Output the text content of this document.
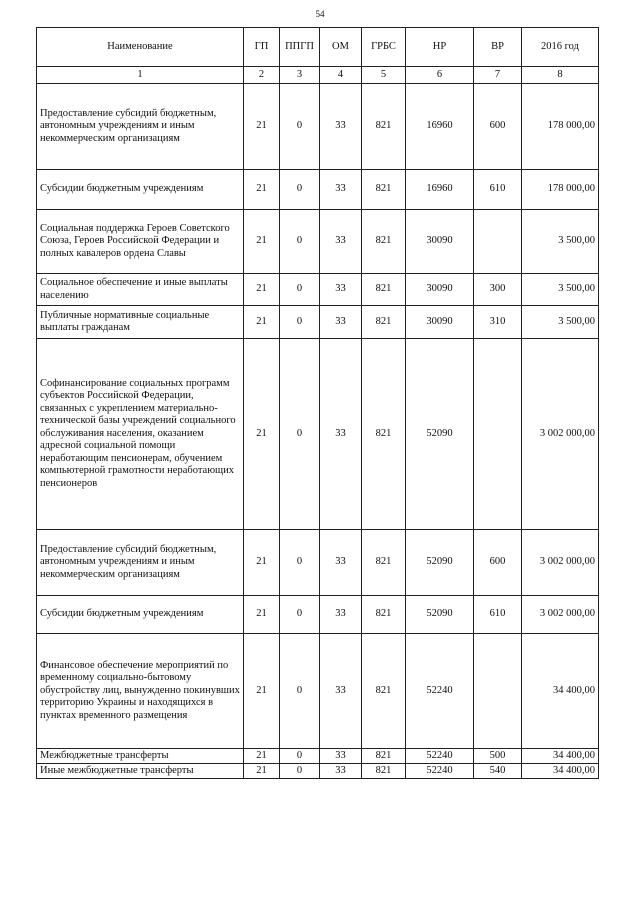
54
Наименование	ГП	ППГП	ОМ	ГРБС	НР	ВР	2016 год
1	2	3	4	5	6	7	8
Предоставление субсидий бюджетным, автономным учреждениям и иным некоммерческим организациям	21	0	33	821	16960	600	178 000,00
Субсидии бюджетным учреждениям	21	0	33	821	16960	610	178 000,00
Социальная поддержка Героев Советского Союза, Героев Российской Федерации и полных кавалеров ордена Славы	21	0	33	821	30090		3 500,00
Социальное обеспечение и иные выплаты населению	21	0	33	821	30090	300	3 500,00
Публичные нормативные социальные выплаты гражданам	21	0	33	821	30090	310	3 500,00
Софинансирование социальных программ субъектов Российской Федерации, связанных с укреплением материально-технической базы учреждений социального обслуживания населения, оказанием адресной социальной помощи неработающим пенсионерам, обучением компьютерной грамотности неработающих пенсионеров	21	0	33	821	52090		3 002 000,00
Предоставление субсидий бюджетным, автономным учреждениям и иным некоммерческим организациям	21	0	33	821	52090	600	3 002 000,00
Субсидии бюджетным учреждениям	21	0	33	821	52090	610	3 002 000,00
Финансовое обеспечение мероприятий по временному социально-бытовому обустройству лиц, вынужденно покинувших территорию Украины и находящихся в пунктах временного размещения	21	0	33	821	52240		34 400,00
Межбюджетные трансферты	21	0	33	821	52240	500	34 400,00
Иные межбюджетные трансферты	21	0	33	821	52240	540	34 400,00
